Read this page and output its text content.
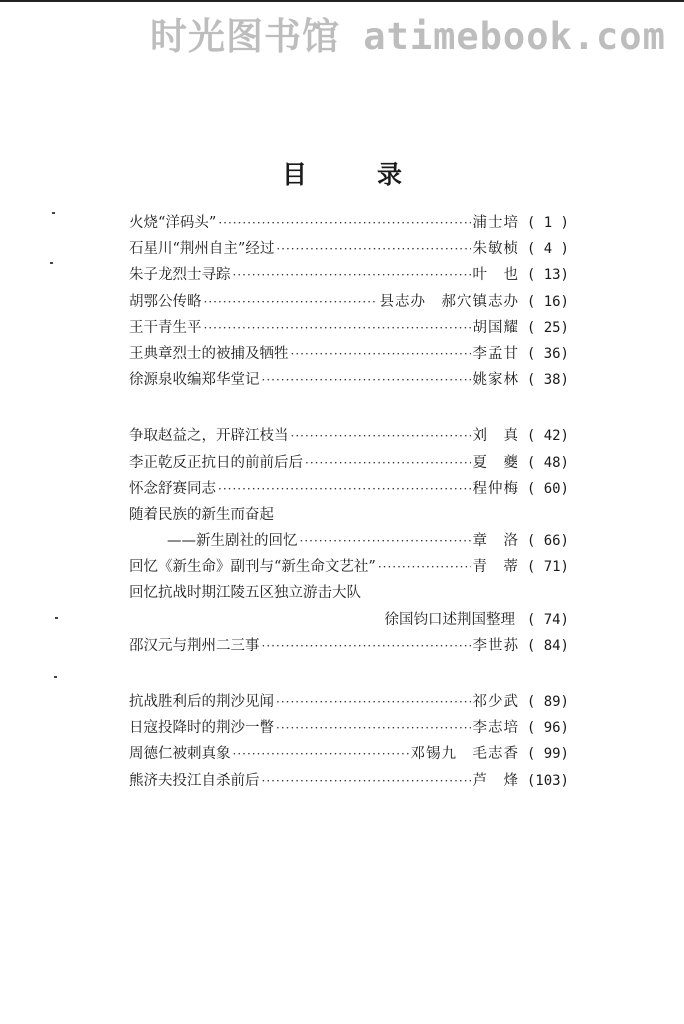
时光图书馆 atimebook.com
目录
火烧“洋码头” ·····	浦士培 ( 1 )
石星川“荆州自主”经过 ·····	朱敏桢 ( 4 )
朱子龙烈士寻踪 ·····	叶　也 ( 13)
胡鄂公传略 ·····	县志办　郝穴镇志办 ( 16)
王干青生平 ·····	胡国耀 ( 25)
王典章烈士的被捕及牺牲 ·····	李孟甘 ( 36)
徐源泉收编郑华堂记 ·····	姚家林 ( 38)
争取赵益之，开辟江枝当 ·····	刘　真 ( 42)
李正乾反正抗日的前前后后 ·····	夏　夔 ( 48)
怀念舒赛同志 ·····	程仲梅 ( 60)
随着民族的新生而奋起
——新生剧社的回忆 ·····	章　洛 ( 66)
回忆《新生命》副刊与“新生命文艺社” ·····	青　蒂 ( 71)
回忆抗战时期江陵五区独立游击大队
徐国钧口述荆国整理 ( 74)
邵汉元与荆州二三事 ·····	李世荪 ( 84)
抗战胜利后的荆沙见闻 ·····	祁少武 ( 89)
日寇投降时的荆沙一瞥 ·····	李志培 ( 96)
周德仁被刺真象 ·····	邓锡九　毛志香 ( 99)
熊济夫投江自杀前后 ·····	芦　烽 (103)
